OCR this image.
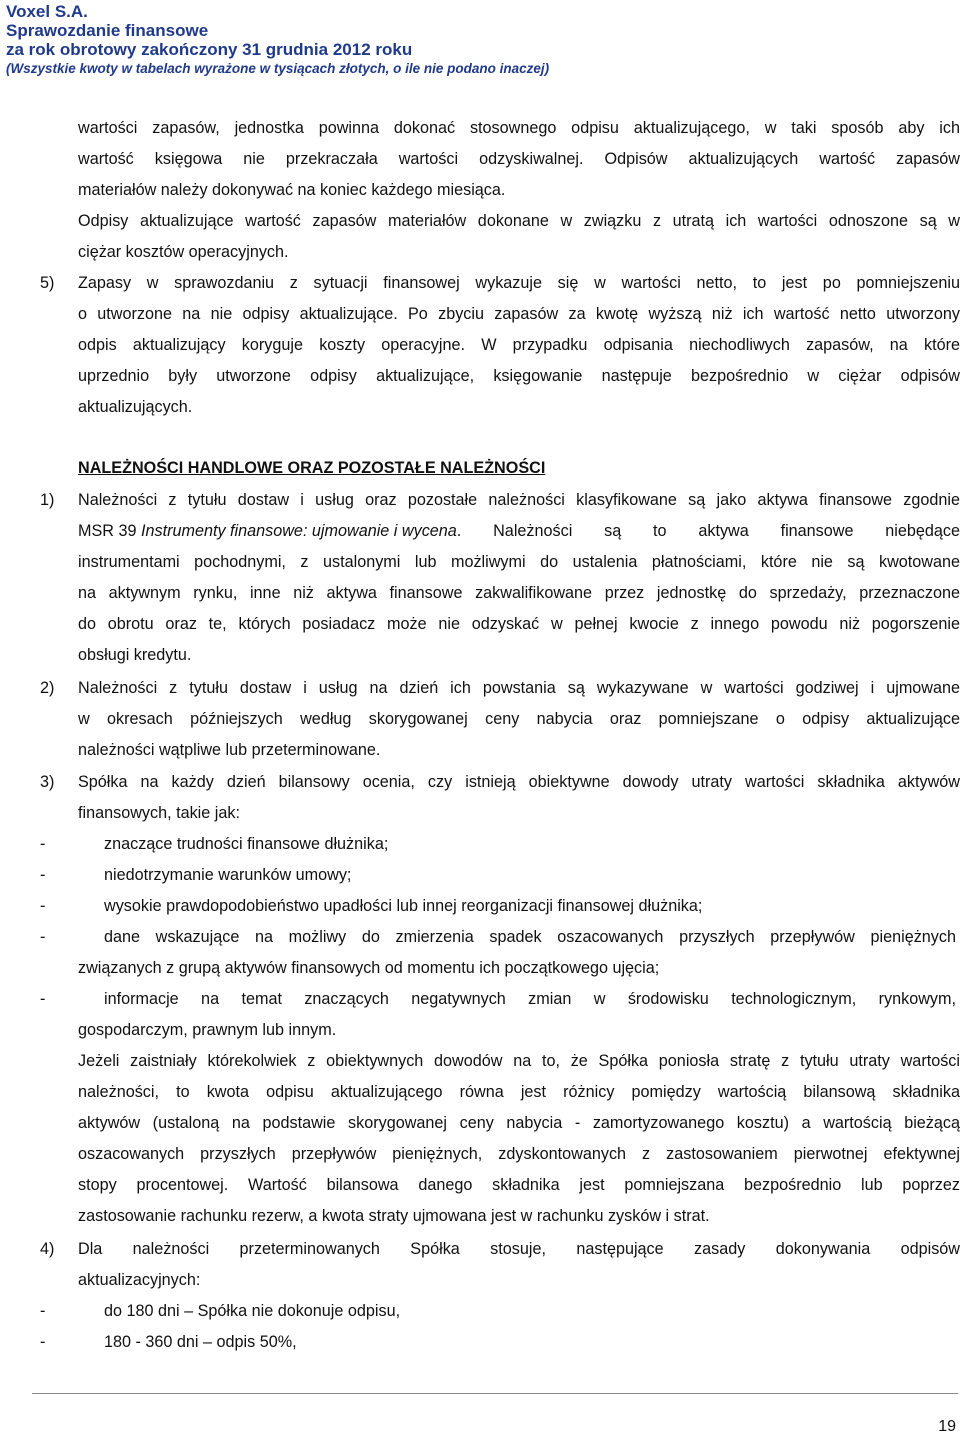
Voxel S.A.
Sprawozdanie finansowe
za rok obrotowy zakończony 31 grudnia 2012 roku
(Wszystkie kwoty w tabelach wyrażone w tysiącach złotych, o ile nie podano inaczej)
wartości zapasów, jednostka powinna dokonać stosownego odpisu aktualizującego, w taki sposób aby ich
wartość księgowa nie przekraczała wartości odzyskiwalnej. Odpisów aktualizujących wartość zapasów
materiałów należy dokonywać na koniec każdego miesiąca.
Odpisy aktualizujące wartość zapasów materiałów dokonane w związku z utratą ich wartości odnoszone są w
ciężar kosztów operacyjnych.
5) Zapasy w sprawozdaniu z sytuacji finansowej wykazuje się w wartości netto, to jest po pomniejszeniu
o utworzone na nie odpisy aktualizujące. Po zbyciu zapasów za kwotę wyższą niż ich wartość netto utworzony
odpis aktualizujący koryguje koszty operacyjne. W przypadku odpisania niechodliwych zapasów, na które
uprzednio były utworzone odpisy aktualizujące, księgowanie następuje bezpośrednio w ciężar odpisów
aktualizujących.
NALEŻNOŚCI HANDLOWE ORAZ POZOSTAŁE NALEŻNOŚCI
1) Należności z tytułu dostaw i usług oraz pozostałe należności klasyfikowane są jako aktywa finansowe zgodnie
MSR 39 Instrumenty finansowe: ujmowanie i wycena . Należności są to aktywa finansowe niebędące
instrumentami pochodnymi, z ustalonymi lub możliwymi do ustalenia płatnościami, które nie są kwotowane
na aktywnym rynku, inne niż aktywa finansowe zakwalifikowane przez jednostkę do sprzedaży, przeznaczone
do obrotu oraz te, których posiadacz może nie odzyskać w pełnej kwocie z innego powodu niż pogorszenie
obsługi kredytu.
2) Należności z tytułu dostaw i usług na dzień ich powstania są wykazywane w wartości godziwej i ujmowane
w okresach późniejszych według skorygowanej ceny nabycia oraz pomniejszane o odpisy aktualizujące
należności wątpliwe lub przeterminowane.
3) Spółka na każdy dzień bilansowy ocenia, czy istnieją obiektywne dowody utraty wartości składnika aktywów
finansowych, takie jak:
-	znaczące trudności finansowe dłużnika;
-	niedotrzymanie warunków umowy;
-	wysokie prawdopodobieństwo upadłości lub innej reorganizacji finansowej dłużnika;
-	dane wskazujące na możliwy do zmierzenia spadek oszacowanych przyszłych przepływów pieniężnych
związanych z grupą aktywów finansowych od momentu ich początkowego ujęcia;
-	informacje na temat znaczących negatywnych zmian w środowisku technologicznym, rynkowym,
gospodarczym, prawnym lub innym.
Jeżeli zaistniały którekolwiek z obiektywnych dowodów na to, że Spółka poniosła stratę z tytułu utraty wartości
należności, to kwota odpisu aktualizującego równa jest różnicy pomiędzy wartością bilansową składnika
aktywów (ustaloną na podstawie skorygowanej ceny nabycia - zamortyzowanego kosztu) a wartością bieżącą
oszacowanych przyszłych przepływów pieniężnych, zdyskontowanych z zastosowaniem pierwotnej efektywnej
stopy procentowej. Wartość bilansowa danego składnika jest pomniejszana bezpośrednio lub poprzez
zastosowanie rachunku rezerw, a kwota straty ujmowana jest w rachunku zysków i strat.
4) Dla należności przeterminowanych Spółka stosuje, następujące zasady dokonywania odpisów
aktualizacyjnych:
-	do 180 dni – Spółka nie dokonuje odpisu,
-	180 - 360 dni – odpis 50%,
19
